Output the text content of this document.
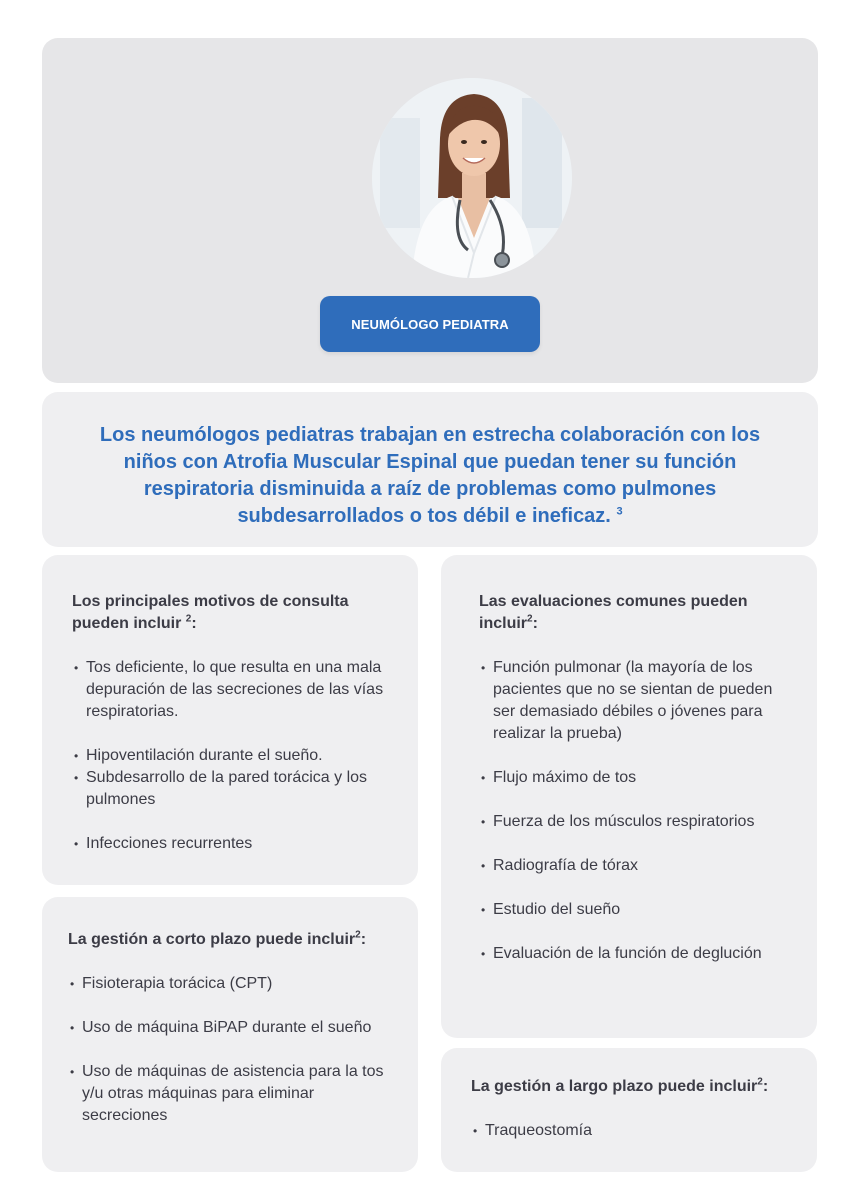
NEUMÓLOGO PEDIATRA

Los neumólogos pediatras trabajan en estrecha colaboración con los niños con Atrofia Muscular Espinal que puedan tener su función respiratoria disminuida a raíz de problemas como pulmones subdesarrollados o tos débil e ineficaz. $^3$

Los principales motivos de consulta pueden incluir $^2$:

• Tos deficiente, lo que resulta en una mala depuración de las secreciones de las vías respiratorias.
• Hipoventilación durante el sueño.
• Subdesarrollo de la pared torácica y los pulmones
• Infecciones recurrentes

La gestión a corto plazo puede incluir$^2$:

• Fisioterapia torácica (CPT)
• Uso de máquina BiPAP durante el sueño
• Uso de máquinas de asistencia para la tos y/u otras máquinas para eliminar secreciones

Las evaluaciones comunes pueden incluir$^2$:

• Función pulmonar (la mayoría de los pacientes que no se sientan de pueden ser demasiado débiles o jóvenes para realizar la prueba)
• Flujo máximo de tos
• Fuerza de los músculos respiratorios
• Radiografía de tórax
• Estudio del sueño
• Evaluación de la función de deglución

La gestión a largo plazo puede incluir$^2$:

• Traqueostomía
